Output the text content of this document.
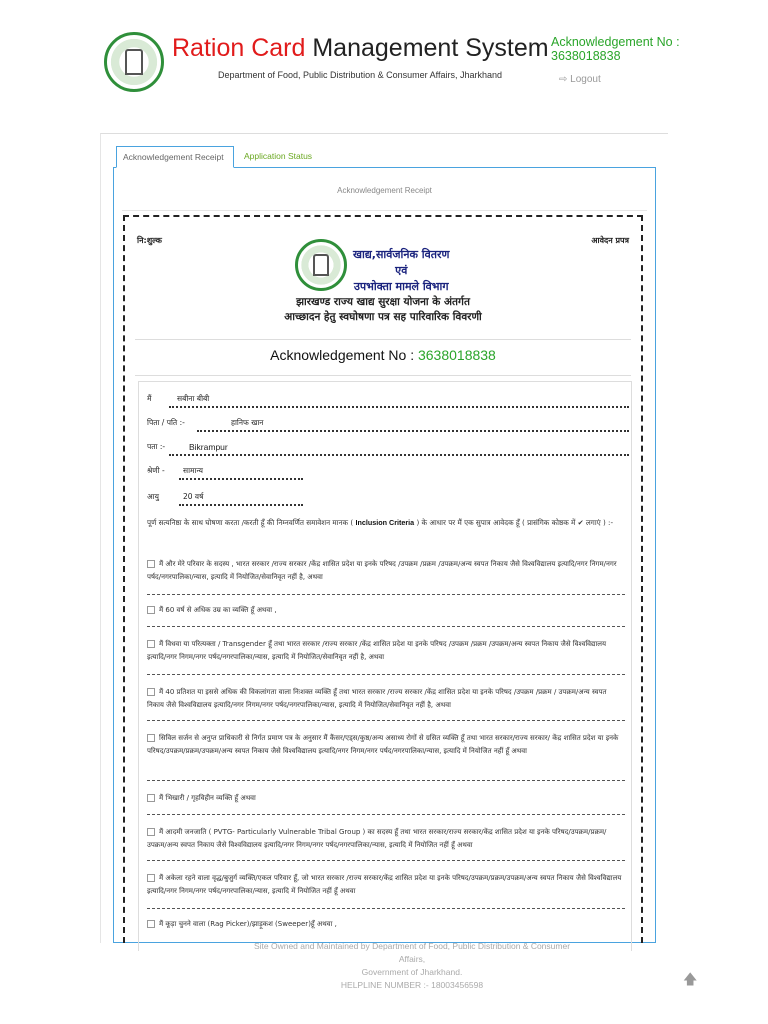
Ration Card Management System
Department of Food, Public Distribution & Consumer Affairs, Jharkhand
Acknowledgement No :
3638018838
⇨ Logout
Acknowledgement Receipt	Application Status
Acknowledgement Receipt
नि:शुल्क	आवेदन प्रपत्र
खाद्य,सार्वजनिक वितरण
एवं
उपभोक्ता मामले विभाग
झारखण्ड राज्य खाद्य सुरक्षा योजना के अंतर्गत
आच्छादन हेतु स्वघोषणा पत्र सह पारिवारिक विवरणी
Acknowledgement No : 3638018838
मैं	सबीना बीबी
पिता / पति :-	हानिफ खान
पता :-	Bikrampur
श्रेणी - सामान्य
आयु	20 वर्ष
पूर्ण सत्यनिष्ठा के साथ घोषणा करता /करती हूँ की निम्नवर्णित समावेशन मानक ( Inclusion Criteria ) के आधार पर मैं एक सुपात्र आवेदक हूँ ( प्रासंगिक कोष्ठक में ✔ लगाएं ) :-
मैं और मेरे परिवार के सदस्य , भारत सरकार /राज्य सरकार /केंद्र शासित प्रदेश या इनके परिषद /उपक्रम /प्रक्रम /उपक्रम/अन्य स्वपत निकाय जैसे विश्वविद्यालय इत्यादि/नगर निगम/नगर पर्षद/नगरपालिका/न्यास, इत्यादि में नियोजित/सेवानिवृत नहीं है, अथवा
मैं 60 वर्ष से अधिक उम्र का व्यक्ति हूँ अथवा ,
मैं विधवा या परित्यक्ता / Transgender हूँ तथा भारत सरकार /राज्य सरकार /केंद्र शासित प्रदेश या इनके परिषद /उपक्रम /प्रक्रम /उपक्रम/अन्य स्वपत निकाय जैसे विश्वविद्यालय इत्यादि/नगर निगम/नगर पर्षद/नगरपालिका/न्यास, इत्यादि में नियोजित/सेवानिवृत नहीं है, अथवा
मैं 40 प्रतिशत या इससे अधिक की विकलांगता वाला निःशक्त व्यक्ति हूँ तथा भारत सरकार /राज्य सरकार /केंद्र शासित प्रदेश या इनके परिषद /उपक्रम /प्रक्रम / उपक्रम/अन्य स्वपत निकाय जैसे विश्वविद्यालय इत्यादि/नगर निगम/नगर पर्षद/नगरपालिका/न्यास, इत्यादि में नियोजित/सेवानिवृत नहीं है, अथवा
सिविल सर्जन से अनुप्त प्राधिकारी से निर्गत प्रमाण पत्र के अनुसार मैं कैंसर/एड्स/कुष्ठ/अन्य असाध्य रोगों से ग्रसित व्यक्ति हूँ तथा भारत सरकार/राज्य सरकार/ केंद्र शासित प्रदेश या इनके परिषद/उपक्रम/प्रक्रम/उपक्रम/अन्य स्वपत निकाय जैसे विश्वविद्यालय इत्यादि/नगर निगम/नगर पर्षद/नगरपालिका/न्यास, इत्यादि में नियोजित नहीं हूँ अथवा
मैं भिखारी / गृहविहीन व्यक्ति हूँ अथवा
मैं आदमी जनजाति ( PVTG- Particularly Vulnerable Tribal Group ) का सदस्य हूँ तथा भारत सरकार/राज्य सरकार/केंद्र शासित प्रदेश या इनके परिषद/उपक्रम/प्रक्रम/उपक्रम/अन्य स्वपत निकाय जैसे विश्वविद्यालय इत्यादि/नगर निगम/नगर पर्षद/नगरपालिका/न्यास, इत्यादि में नियोजित नहीं हूँ अथवा
मैं अकेला रहने वाला वृद्ध/बुजुर्ग व्यक्ति/एकल परिवार हूँ, जो भारत सरकार /राज्य सरकार/केंद्र शासित प्रदेश या इनके परिषद/उपक्रम/प्रक्रम/उपक्रम/अन्य स्वपत निकाय जैसे विश्वविद्यालय इत्यादि/नगर निगम/नगर पर्षद/नगरपालिका/न्यास, इत्यादि में नियोजित नहीं हूँ अथवा
मैं कूड़ा चुनने वाला (Rag Picker)/झाड़ूकश (Sweeper)हूँ अथवा ,
Site Owned and Maintained by Department of Food, Public Distribution & Consumer Affairs,
Government of Jharkhand.
HELPLINE NUMBER :- 18003456598	🡅
